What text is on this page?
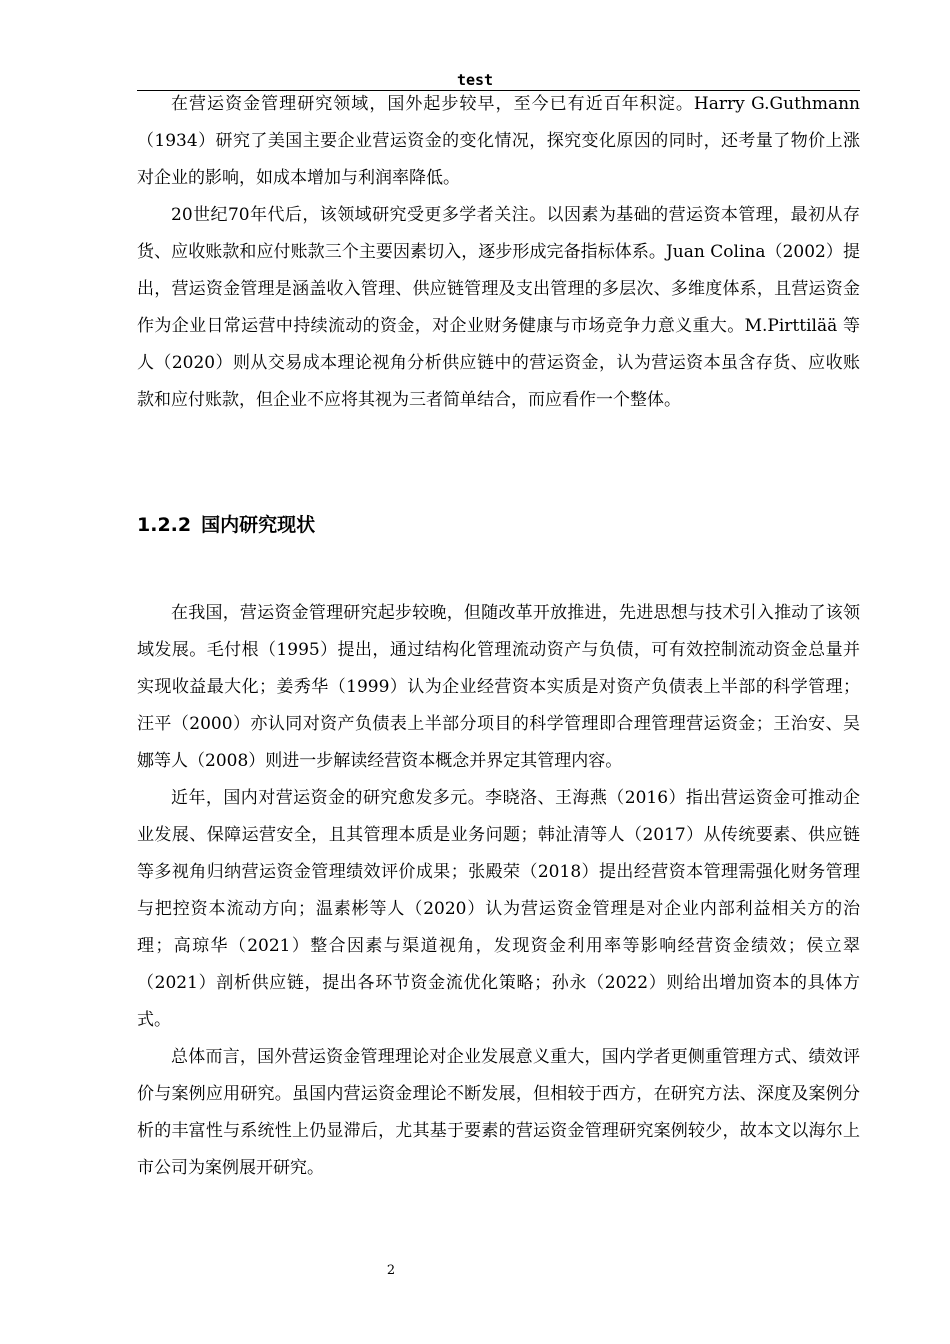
test

在营运资金管理研究领域，国外起步较早，至今已有近百年积淀。Harry G.Guthmann（1934）研究了美国主要企业营运资金的变化情况，探究变化原因的同时，还考量了物价上涨对企业的影响，如成本增加与利润率降低。

20世纪70年代后，该领域研究受更多学者关注。以因素为基础的营运资本管理，最初从存货、应收账款和应付账款三个主要因素切入，逐步形成完备指标体系。Juan Colina（2002）提出，营运资金管理是涵盖收入管理、供应链管理及支出管理的多层次、多维度体系，且营运资金作为企业日常运营中持续流动的资金，对企业财务健康与市场竞争力意义重大。M.Pirttilää 等人（2020）则从交易成本理论视角分析供应链中的营运资金，认为营运资本虽含存货、应收账款和应付账款，但企业不应将其视为三者简单结合，而应看作一个整体。

1.2.2 国内研究现状

在我国，营运资金管理研究起步较晚，但随改革开放推进，先进思想与技术引入推动了该领域发展。毛付根（1995）提出，通过结构化管理流动资产与负债，可有效控制流动资金总量并实现收益最大化；姜秀华（1999）认为企业经营资本实质是对资产负债表上半部的科学管理；汪平（2000）亦认同对资产负债表上半部分项目的科学管理即合理管理营运资金；王治安、吴娜等人（2008）则进一步解读经营资本概念并界定其管理内容。

近年，国内对营运资金的研究愈发多元。李晓洛、王海燕（2016）指出营运资金可推动企业发展、保障运营安全，且其管理本质是业务问题；韩沚清等人（2017）从传统要素、供应链等多视角归纳营运资金管理绩效评价成果；张殿荣（2018）提出经营资本管理需强化财务管理与把控资本流动方向；温素彬等人（2020）认为营运资金管理是对企业内部利益相关方的治理；高琼华（2021）整合因素与渠道视角，发现资金利用率等影响经营资金绩效；侯立翠（2021）剖析供应链，提出各环节资金流优化策略；孙永（2022）则给出增加资本的具体方式。

总体而言，国外营运资金管理理论对企业发展意义重大，国内学者更侧重管理方式、绩效评价与案例应用研究。虽国内营运资金理论不断发展，但相较于西方，在研究方法、深度及案例分析的丰富性与系统性上仍显滞后，尤其基于要素的营运资金管理研究案例较少，故本文以海尔上市公司为案例展开研究。

2
